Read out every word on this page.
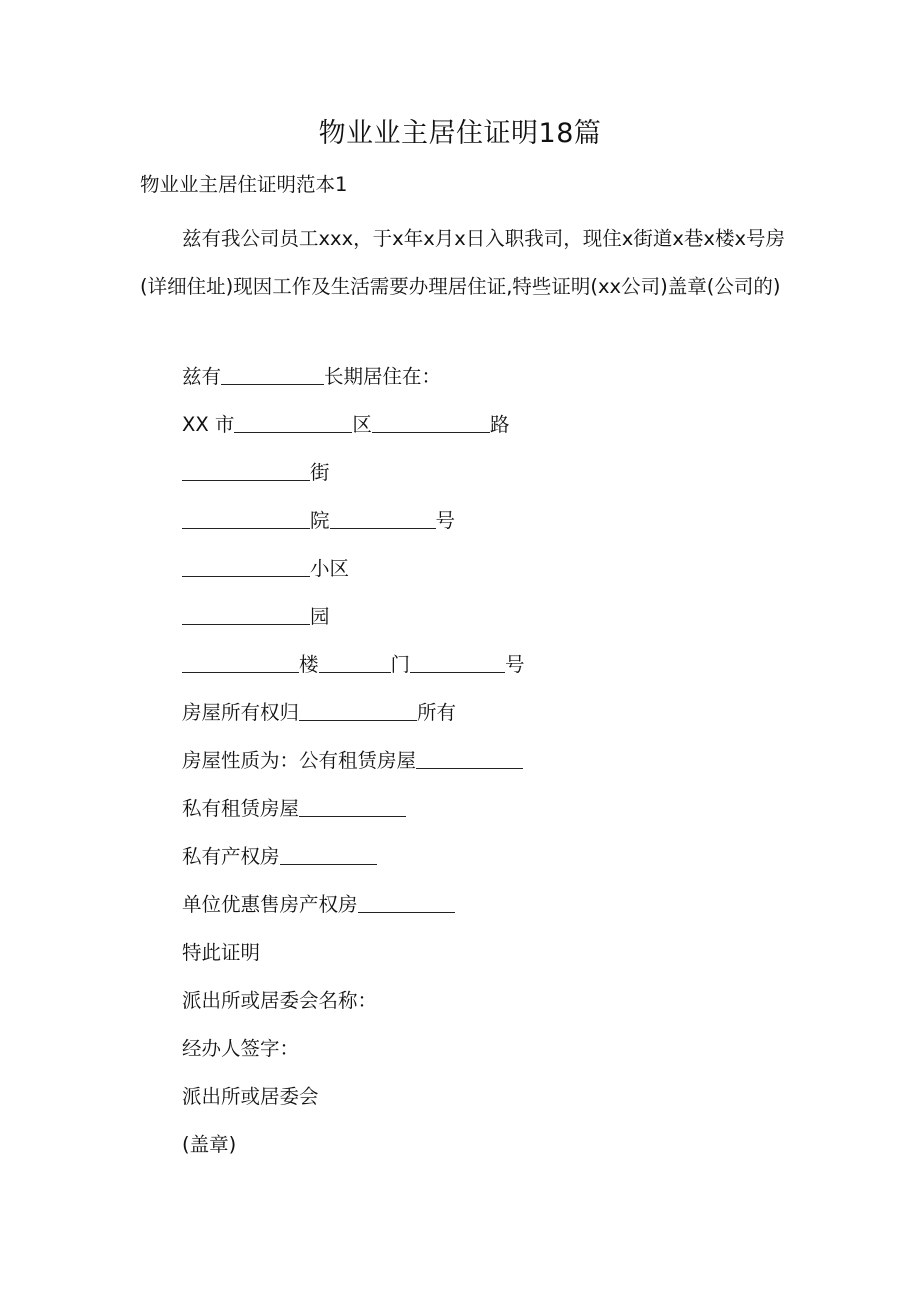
物业业主居住证明18篇
物业业主居住证明范本1
兹有我公司员工xxx，于x年x月x日入职我司，现住x街道x巷x楼x号房(详细住址)现因工作及生活需要办理居住证,特些证明(xx公司)盖章(公司的)
兹有	长期居住在：
XX 市	区	路
街
院	号
小区
园
楼	门	号
房屋所有权归	所有
房屋性质为：公有租赁房屋
私有租赁房屋
私有产权房
单位优惠售房产权房
特此证明
派出所或居委会名称：
经办人签字：
派出所或居委会
(盖章)
